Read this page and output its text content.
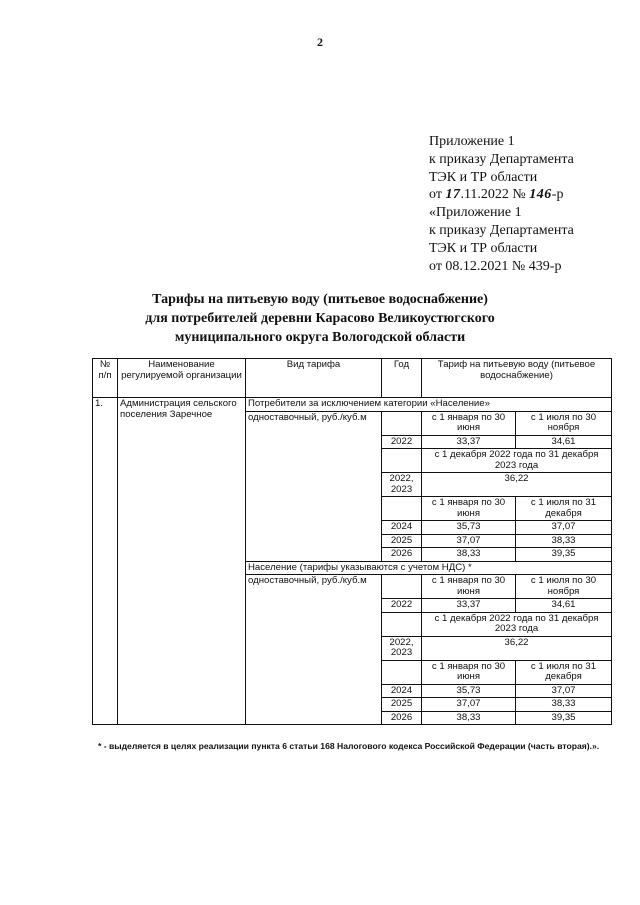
2
Приложение 1
к приказу Департамента
ТЭК и ТР области
от 17.11.2022 № 146-р
«Приложение 1
к приказу Департамента
ТЭК и ТР области
от 08.12.2021 № 439-р
Тарифы на питьевую воду (питьевое водоснабжение)
для потребителей деревни Карасово Великоустюгского
муниципального округа Вологодской области
№ п/п	Наименование регулируемой организации	Вид тарифа	Год	Тариф на питьевую воду (питьевое водоснабжение)	
1.	Администрация сельского поселения Заречное	Потребители за исключением категории «Население»			
		одноставочный, руб./куб.м		с 1 января по 30 июня	с 1 июля по 30 ноября
			2022	33,37	34,61
				с 1 декабря 2022 года по 31 декабря 2023 года	
			2022, 2023	36,22	
				с 1 января по 30 июня	с 1 июля по 31 декабря
			2024	35,73	37,07
			2025	37,07	38,33
			2026	38,33	39,35
		Население (тарифы указываются с учетом НДС) *			
		одноставочный, руб./куб.м		с 1 января по 30 июня	с 1 июля по 30 ноября
			2022	33,37	34,61
				с 1 декабря 2022 года по 31 декабря 2023 года	
			2022, 2023	36,22	
				с 1 января по 30 июня	с 1 июля по 31 декабря
			2024	35,73	37,07
			2025	37,07	38,33
			2026	38,33	39,35
* - выделяется в целях реализации пункта 6 статьи 168 Налогового кодекса Российской Федерации (часть вторая).».
